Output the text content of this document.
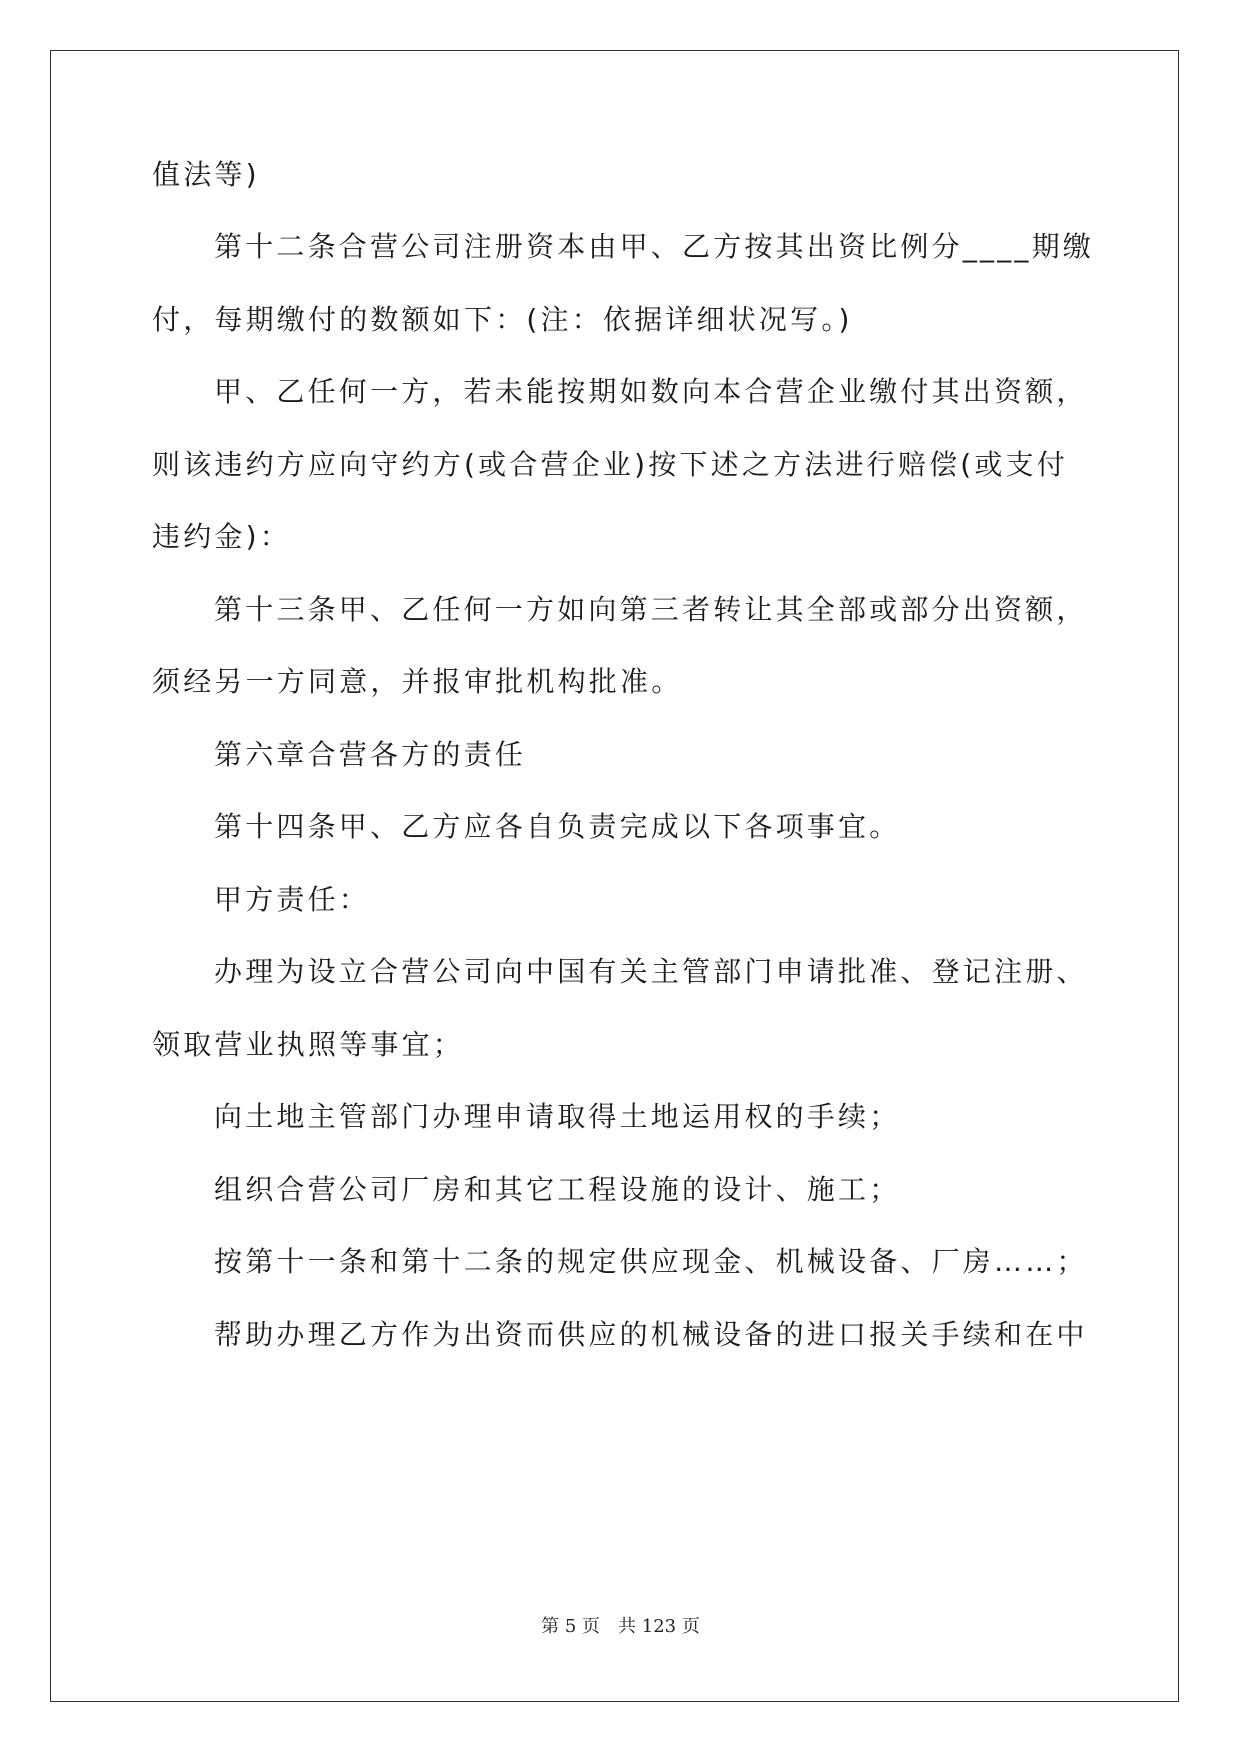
值法等)
第十二条合营公司注册资本由甲、乙方按其出资比例分____期缴
付，每期缴付的数额如下：(注：依据详细状况写。)
甲、乙任何一方，若未能按期如数向本合营企业缴付其出资额，
则该违约方应向守约方(或合营企业)按下述之方法进行赔偿(或支付
违约金)：
第十三条甲、乙任何一方如向第三者转让其全部或部分出资额，
须经另一方同意，并报审批机构批准。
第六章合营各方的责任
第十四条甲、乙方应各自负责完成以下各项事宜。
甲方责任：
办理为设立合营公司向中国有关主管部门申请批准、登记注册、
领取营业执照等事宜；
向土地主管部门办理申请取得土地运用权的手续；
组织合营公司厂房和其它工程设施的设计、施工；
按第十一条和第十二条的规定供应现金、机械设备、厂房……；
帮助办理乙方作为出资而供应的机械设备的进口报关手续和在中
第 5 页 共 123 页
